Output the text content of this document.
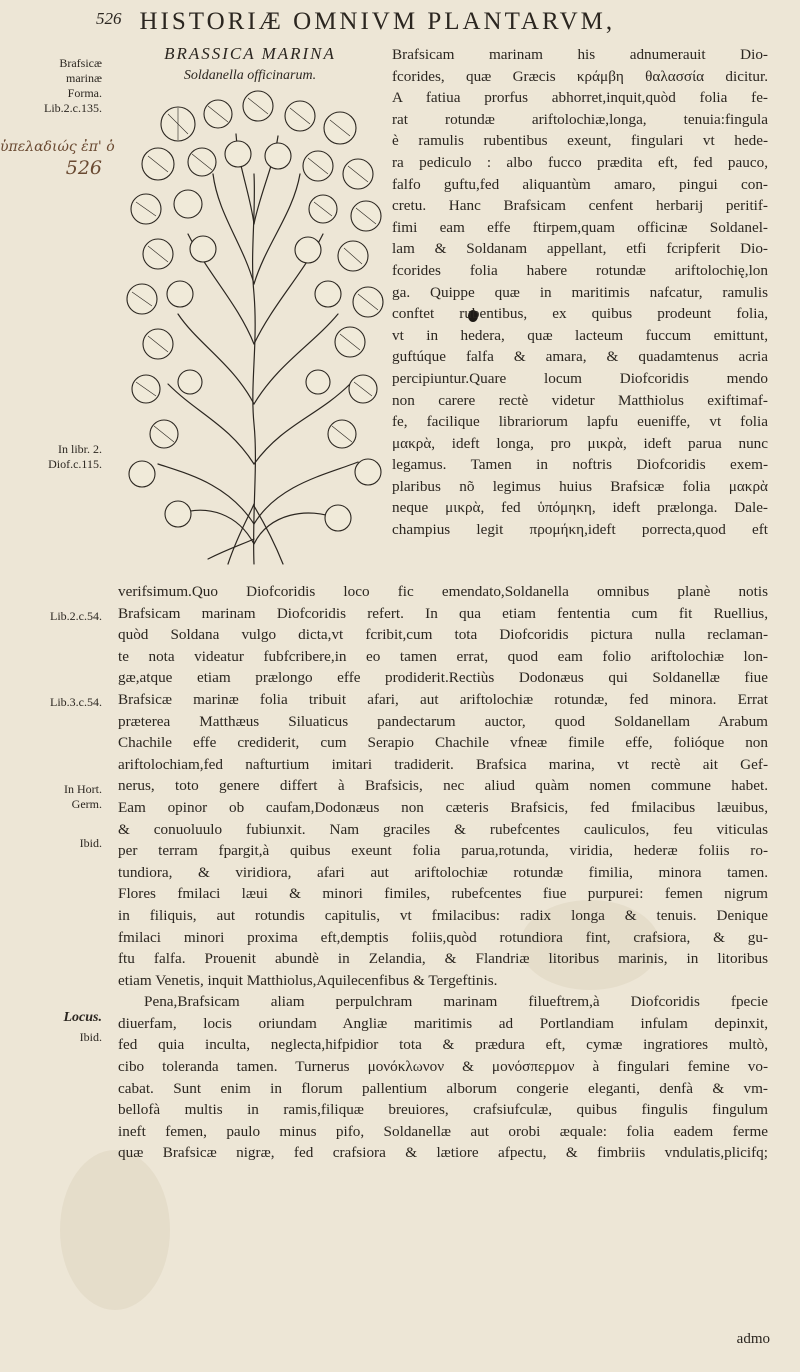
$^{526}$ HISTORIÆ OMNIVM PLANTARVM,
Brafsicæ
marinæ
Forma.
Lib.2.c.135.
ὑπελαδιώς ἐπ' ὁ
526
In libr. 2.
Diof.c.115.
Lib.2.c.54.
Lib.3.c.54.
In Hort.
Germ.
Ibid.
Locus.
Ibid.
BRASSICA MARINA
Soldanella officinarum.
Brafsicam marinam his adnumerauit Dio-
fcorides, quæ Græcis κράμβη θαλασσία dicitur.
A fatiua prorfus abhorret,inquit,quòd folia fe-
rat rotundæ ariftolochiæ,longa, tenuia:fingula
è ramulis rubentibus exeunt, fingulari vt hede-
ra pediculo : albo fucco prædita eft, fed pauco,
falfo guftu,fed aliquantùm amaro, pingui con-
cretu. Hanc Brafsicam cenfent herbarij peritif-
fimi eam effe ftirpem,quam officinæ Soldanel-
lam & Soldanam appellant, etfi fcripferit Dio-
fcorides folia habere rotundæ ariftolochię,lon
ga. Quippe quæ in maritimis nafcatur, ramulis
conftet rubentibus, ex quibus prodeunt folia,
vt in hedera, quæ lacteum fuccum emittunt,
guftúque falfa & amara, & quadamtenus acria
percipiuntur.Quare locum Diofcoridis mendo
non carere rectè videtur Matthiolus exiftimaf-
fe, facilique librariorum lapfu eueniffe, vt folia
μακρὰ, ideft longa, pro μικρὰ, ideft parua nunc
legamus. Tamen in noftris Diofcoridis exem-
plaribus nõ legimus huius Brafsicæ folia μακρὰ
neque μικρὰ, fed ὑπόμηκη, ideft prælonga. Dale-
champius legit προμήκη,ideft porrecta,quod eft
verifsimum.Quo Diofcoridis loco fic emendato,Soldanella omnibus planè notis
Brafsicam marinam Diofcoridis refert. In qua etiam fententia cum fit Ruellius,
quòd Soldana vulgo dicta,vt fcribit,cum tota Diofcoridis pictura nulla reclaman-
te nota videatur fubfcribere,in eo tamen errat, quod eam folio ariftolochiæ lon-
gæ,atque etiam prælongo effe prodiderit.Rectiùs Dodonæus qui Soldanellæ fiue
Brafsicæ marinæ folia tribuit afari, aut ariftolochiæ rotundæ, fed minora. Errat
præterea Matthæus Siluaticus pandectarum auctor, quod Soldanellam Arabum
Chachile effe crediderit, cum Serapio Chachile vfneæ fimile effe, folióque non
ariftolochiam,fed nafturtium imitari tradiderit. Brafsica marina, vt rectè ait Gef-
nerus, toto genere differt à Brafsicis, nec aliud quàm nomen commune habet.
Eam opinor ob caufam,Dodonæus non cæteris Brafsicis, fed fmilacibus læuibus,
& conuoluulo fubiunxit. Nam graciles & rubefcentes cauliculos, feu viticulas
per terram fpargit,à quibus exeunt folia parua,rotunda, viridia, hederæ foliis ro-
tundiora, & viridiora, afari aut ariftolochiæ rotundæ fimilia, minora tamen.
Flores fmilaci læui & minori fimiles, rubefcentes fiue purpurei: femen nigrum
in filiquis, aut rotundis capitulis, vt fmilacibus: radix longa & tenuis. Denique
fmilaci minori proxima eft,demptis foliis,quòd rotundiora fint, crafsiora, & gu-
ftu falfa. Prouenit abundè in Zelandia, & Flandriæ litoribus marinis, in litoribus
etiam Venetis, inquit Matthiolus,Aquilecenfibus & Tergeftinis.
Pena,Brafsicam aliam perpulchram marinam filueftrem,à Diofcoridis fpecie
diuerfam, locis oriundam Angliæ maritimis ad Portlandiam infulam depinxit,
fed quia inculta, neglecta,hifpidior tota & prædura eft, cymæ ingratiores multò,
cibo toleranda tamen. Turnerus μονόκλωνον & μονόσπερμον à fingulari femine vo-
cabat. Sunt enim in florum pallentium alborum congerie eleganti, denfà & vm-
bellofà multis in ramis,filiquæ breuiores, crafsiufculæ, quibus fingulis fingulum
ineft femen, paulo minus pifo, Soldanellæ aut orobi æquale: folia eadem ferme
quæ Brafsicæ nigræ, fed crafsiora & lætiore afpectu, & fimbriis vndulatis,plicifq;
admo
